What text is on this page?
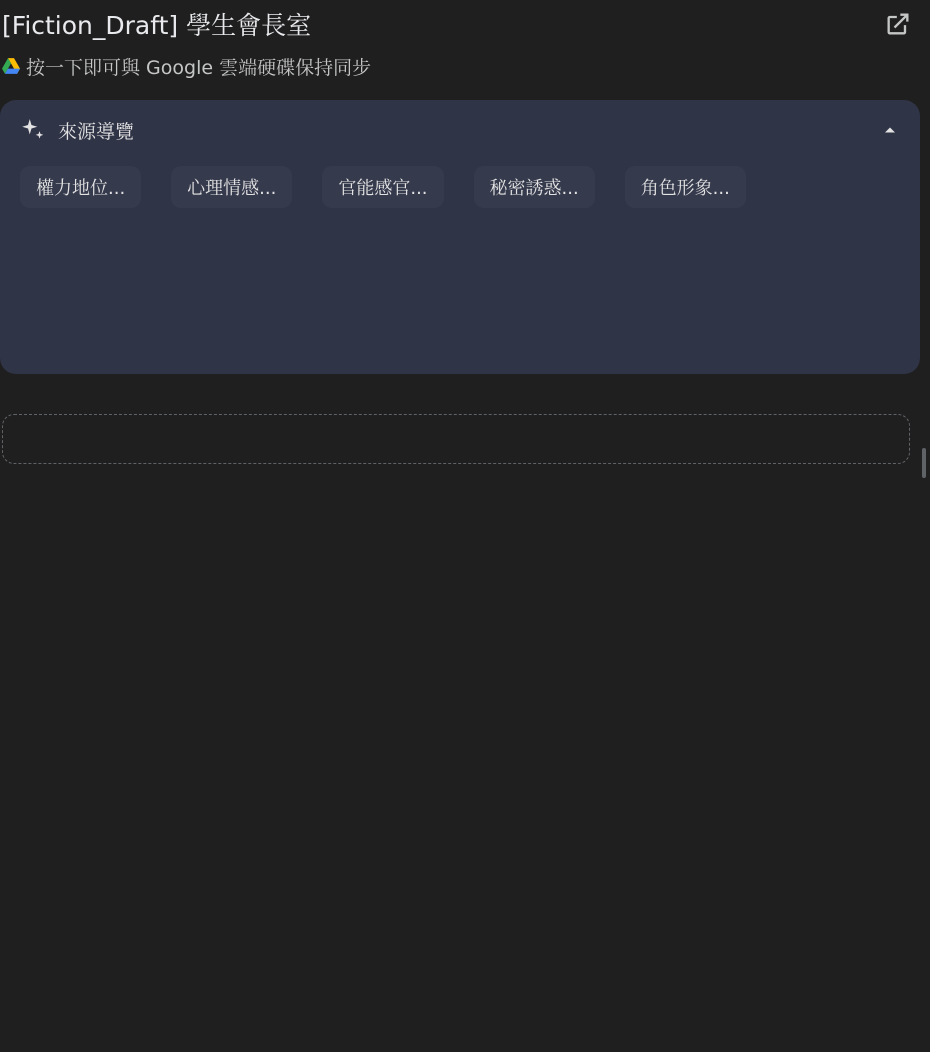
[Fiction_Draft] 學生會長室
按一下即可與 Google 雲端硬碟保持同步
來源導覽
權力地位...	心理情感...	官能感官...	秘密誘惑...	角色形象...
